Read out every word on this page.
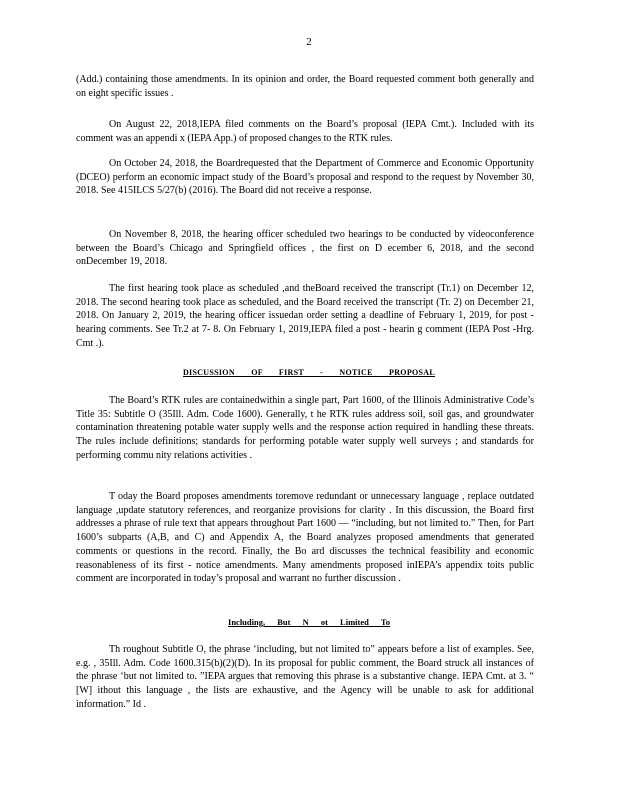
2

(Add.) containing those amendments. In its opinion and order, the Board requested comment both generally and on eight specific issues .

On August 22, 2018,IEPA filed comments on the Board’s proposal (IEPA Cmt.). Included with its comment was an appendi x (IEPA App.) of proposed changes to the RTK rules.

On October 24, 2018, the Boardrequested that the Department of Commerce and Economic Opportunity (DCEO) perform an economic impact study of the Board’s proposal and respond to the request by November 30, 2018. See 415ILCS 5/27(b) (2016). The Board did not receive a response.

On November 8, 2018, the hearing officer scheduled two hearings to be conducted by videoconference between the Board’s Chicago and Springfield offices , the first on D ecember 6, 2018, and the second onDecember 19, 2018.

The first hearing took place as scheduled ,and theBoard received the transcript (Tr.1) on December 12, 2018. The second hearing took place as scheduled, and the Board received the transcript (Tr. 2) on December 21, 2018. On January 2, 2019, the hearing officer issuedan order setting a deadline of February 1, 2019, for post - hearing comments. See Tr.2 at 7- 8. On February 1, 2019,IEPA filed a post - hearin g comment (IEPA Post -Hrg. Cmt .).

DISCUSSION OF FIRST - NOTICE PROPOSAL

The Board’s RTK rules are containedwithin a single part, Part 1600, of the Illinois Administrative Code’s Title 35: Subtitle O (35Ill. Adm. Code 1600). Generally, t he RTK rules address soil, soil gas, and groundwater contamination threatening potable water supply wells and the response action required in handling these threats. The rules include definitions; standards for performing potable water supply well surveys ; and standards for performing commu nity relations activities .

T oday the Board proposes amendments toremove redundant or unnecessary language , replace outdated language ,update statutory references, and reorganize provisions for clarity . In this discussion, the Board first addresses a phrase of rule text that appears throughout Part 1600 — “including, but not limited to.” Then, for Part 1600’s subparts (A,B, and C) and Appendix A, the Board analyzes proposed amendments that generated comments or questions in the record. Finally, the Bo ard discusses the technical feasibility and economic reasonableness of its first - notice amendments. Many amendments proposed inIEPA’s appendix toits public comment are incorporated in today’s proposal and warrant no further discussion .

Including, But N ot Limited To

Th roughout Subtitle O, the phrase ‘including, but not limited to” appears before a list of examples. See, e.g. , 35Ill. Adm. Code 1600.315(b)(2)(D). In its proposal for public comment, the Board struck all instances of the phrase ‘but not limited to. ”IEPA argues that removing this phrase is a substantive change. IEPA Cmt. at 3. “ [W] ithout this language , the lists are exhaustive, and the Agency will be unable to ask for additional information.” Id .
